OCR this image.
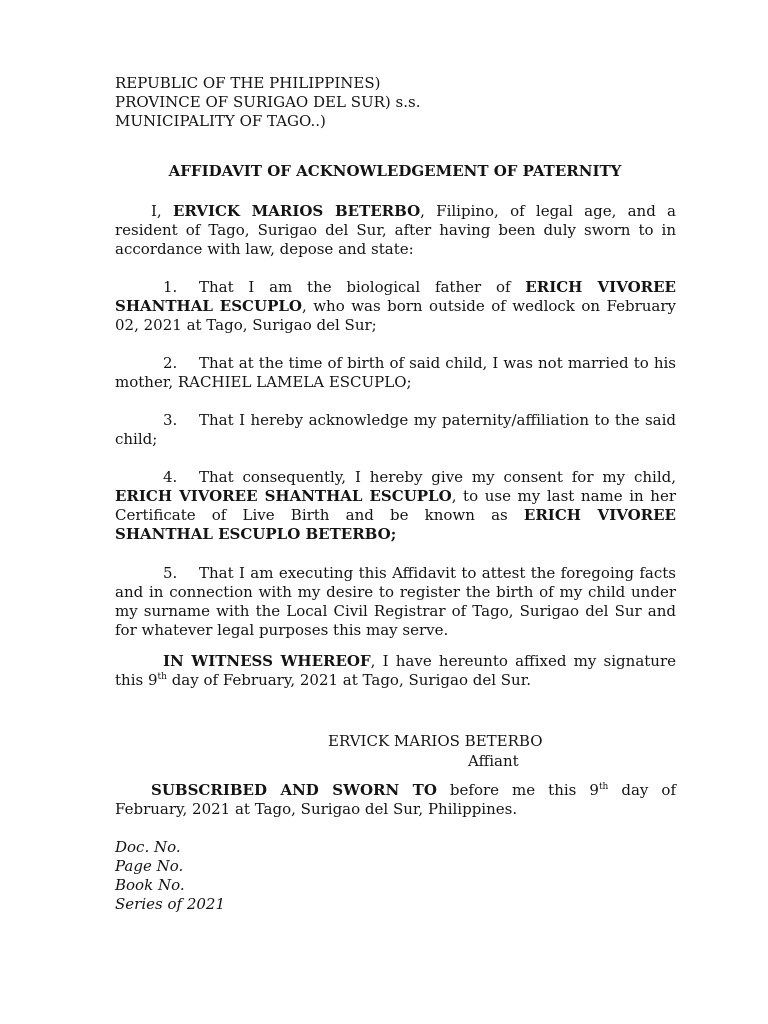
REPUBLIC OF THE PHILIPPINES)
PROVINCE OF SURIGAO DEL SUR) s.s.
MUNICIPALITY OF TAGO..)
AFFIDAVIT OF ACKNOWLEDGEMENT OF PATERNITY
I, ERVICK MARIOS BETERBO, Filipino, of legal age, and a resident of Tago, Surigao del Sur, after having been duly sworn to in accordance with law, depose and state:
1. That I am the biological father of ERICH VIVOREE SHANTHAL ESCUPLO, who was born outside of wedlock on February 02, 2021 at Tago, Surigao del Sur;
2. That at the time of birth of said child, I was not married to his mother, RACHIEL LAMELA ESCUPLO;
3. That I hereby acknowledge my paternity/affiliation to the said child;
4. That consequently, I hereby give my consent for my child, ERICH VIVOREE SHANTHAL ESCUPLO, to use my last name in her Certificate of Live Birth and be known as ERICH VIVOREE SHANTHAL ESCUPLO BETERBO;
5. That I am executing this Affidavit to attest the foregoing facts and in connection with my desire to register the birth of my child under my surname with the Local Civil Registrar of Tago, Surigao del Sur and for whatever legal purposes this may serve.
IN WITNESS WHEREOF, I have hereunto affixed my signature this 9th day of February, 2021 at Tago, Surigao del Sur.
ERVICK MARIOS BETERBO
Affiant
SUBSCRIBED AND SWORN TO before me this 9th day of February, 2021 at Tago, Surigao del Sur, Philippines.
Doc. No.
Page No.
Book No.
Series of 2021
